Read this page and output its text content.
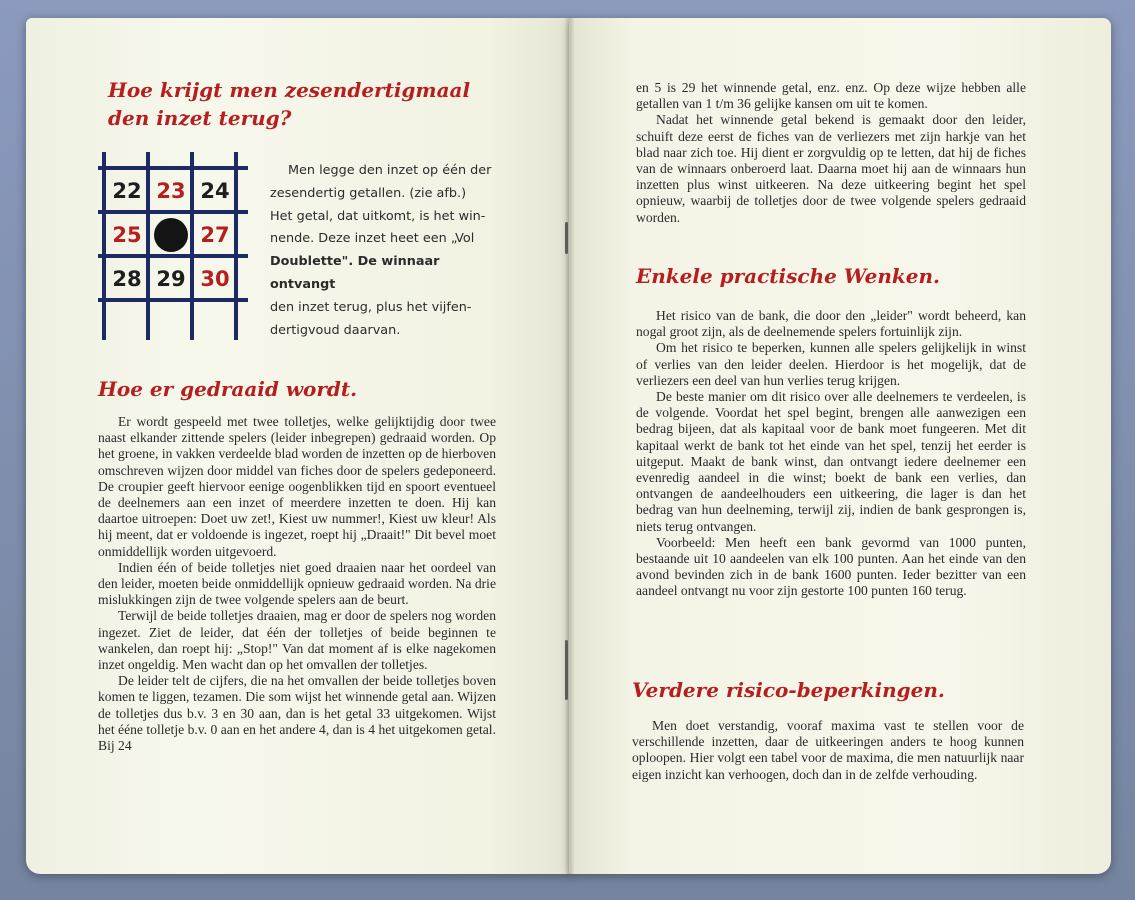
Hoe krijgt men zesendertigmaal den inzet terug?
22 23 24
25	27
28 29 30
Men legge den inzet op één der
zesendertig getallen. (zie afb.)
Het getal, dat uitkomt, is het win-
nende. Deze inzet heet een „Vol
Doublette". De winnaar ontvangt
den inzet terug, plus het vijfen-
dertigvoud daarvan.
Hoe er gedraaid wordt.

Er wordt gespeeld met twee tolletjes, welke gelijktijdig door twee naast elkander zittende spelers (leider inbegrepen) gedraaid worden. Op het groene, in vakken verdeelde blad worden de inzetten op de hierboven omschreven wijzen door middel van fiches door de spelers gedeponeerd. De croupier geeft hiervoor eenige oogenblikken tijd en spoort eventueel de deelnemers aan een inzet of meerdere inzetten te doen. Hij kan daartoe uitroepen: Doet uw zet!, Kiest uw nummer!, Kiest uw kleur! Als hij meent, dat er voldoende is ingezet, roept hij „Draait!" Dit bevel moet onmiddellijk worden uitgevoerd.

Indien één of beide tolletjes niet goed draaien naar het oordeel van den leider, moeten beide onmiddellijk opnieuw gedraaid worden. Na drie mislukkingen zijn de twee volgende spelers aan de beurt.

Terwijl de beide tolletjes draaien, mag er door de spelers nog worden ingezet. Ziet de leider, dat één der tolletjes of beide beginnen te wankelen, dan roept hij: „Stop!" Van dat moment af is elke nagekomen inzet ongeldig. Men wacht dan op het omvallen der tolletjes.

De leider telt de cijfers, die na het omvallen der beide tolletjes boven komen te liggen, tezamen. Die som wijst het winnende getal aan. Wijzen de tolletjes dus b.v. 3 en 30 aan, dan is het getal 33 uitgekomen. Wijst het ééne tolletje b.v. 0 aan en het andere 4, dan is 4 het uitgekomen getal. Bij 24

en 5 is 29 het winnende getal, enz. enz. Op deze wijze hebben alle getallen van 1 t/m 36 gelijke kansen om uit te komen.

Nadat het winnende getal bekend is gemaakt door den leider, schuift deze eerst de fiches van de verliezers met zijn harkje van het blad naar zich toe. Hij dient er zorgvuldig op te letten, dat hij de fiches van de winnaars onberoerd laat. Daarna moet hij aan de winnaars hun inzetten plus winst uitkeeren. Na deze uitkeering begint het spel opnieuw, waarbij de tolletjes door de twee volgende spelers gedraaid worden.

Enkele practische Wenken.

Het risico van de bank, die door den „leider" wordt beheerd, kan nogal groot zijn, als de deelnemende spelers fortuinlijk zijn.

Om het risico te beperken, kunnen alle spelers gelijkelijk in winst of verlies van den leider deelen. Hierdoor is het mogelijk, dat de verliezers een deel van hun verlies terug krijgen.

De beste manier om dit risico over alle deelnemers te verdeelen, is de volgende. Voordat het spel begint, brengen alle aanwezigen een bedrag bijeen, dat als kapitaal voor de bank moet fungeeren. Met dit kapitaal werkt de bank tot het einde van het spel, tenzij het eerder is uitgeput. Maakt de bank winst, dan ontvangt iedere deelnemer een evenredig aandeel in die winst; boekt de bank een verlies, dan ontvangen de aandeelhouders een uitkeering, die lager is dan het bedrag van hun deelneming, terwijl zij, indien de bank gesprongen is, niets terug ontvangen.

Voorbeeld: Men heeft een bank gevormd van 1000 punten, bestaande uit 10 aandeelen van elk 100 punten. Aan het einde van den avond bevinden zich in de bank 1600 punten. Ieder bezitter van een aandeel ontvangt nu voor zijn gestorte 100 punten 160 terug.

Verdere risico-beperkingen.

Men doet verstandig, vooraf maxima vast te stellen voor de verschillende inzetten, daar de uitkeeringen anders te hoog kunnen oploopen. Hier volgt een tabel voor de maxima, die men natuurlijk naar eigen inzicht kan verhoogen, doch dan in de zelfde verhouding.
